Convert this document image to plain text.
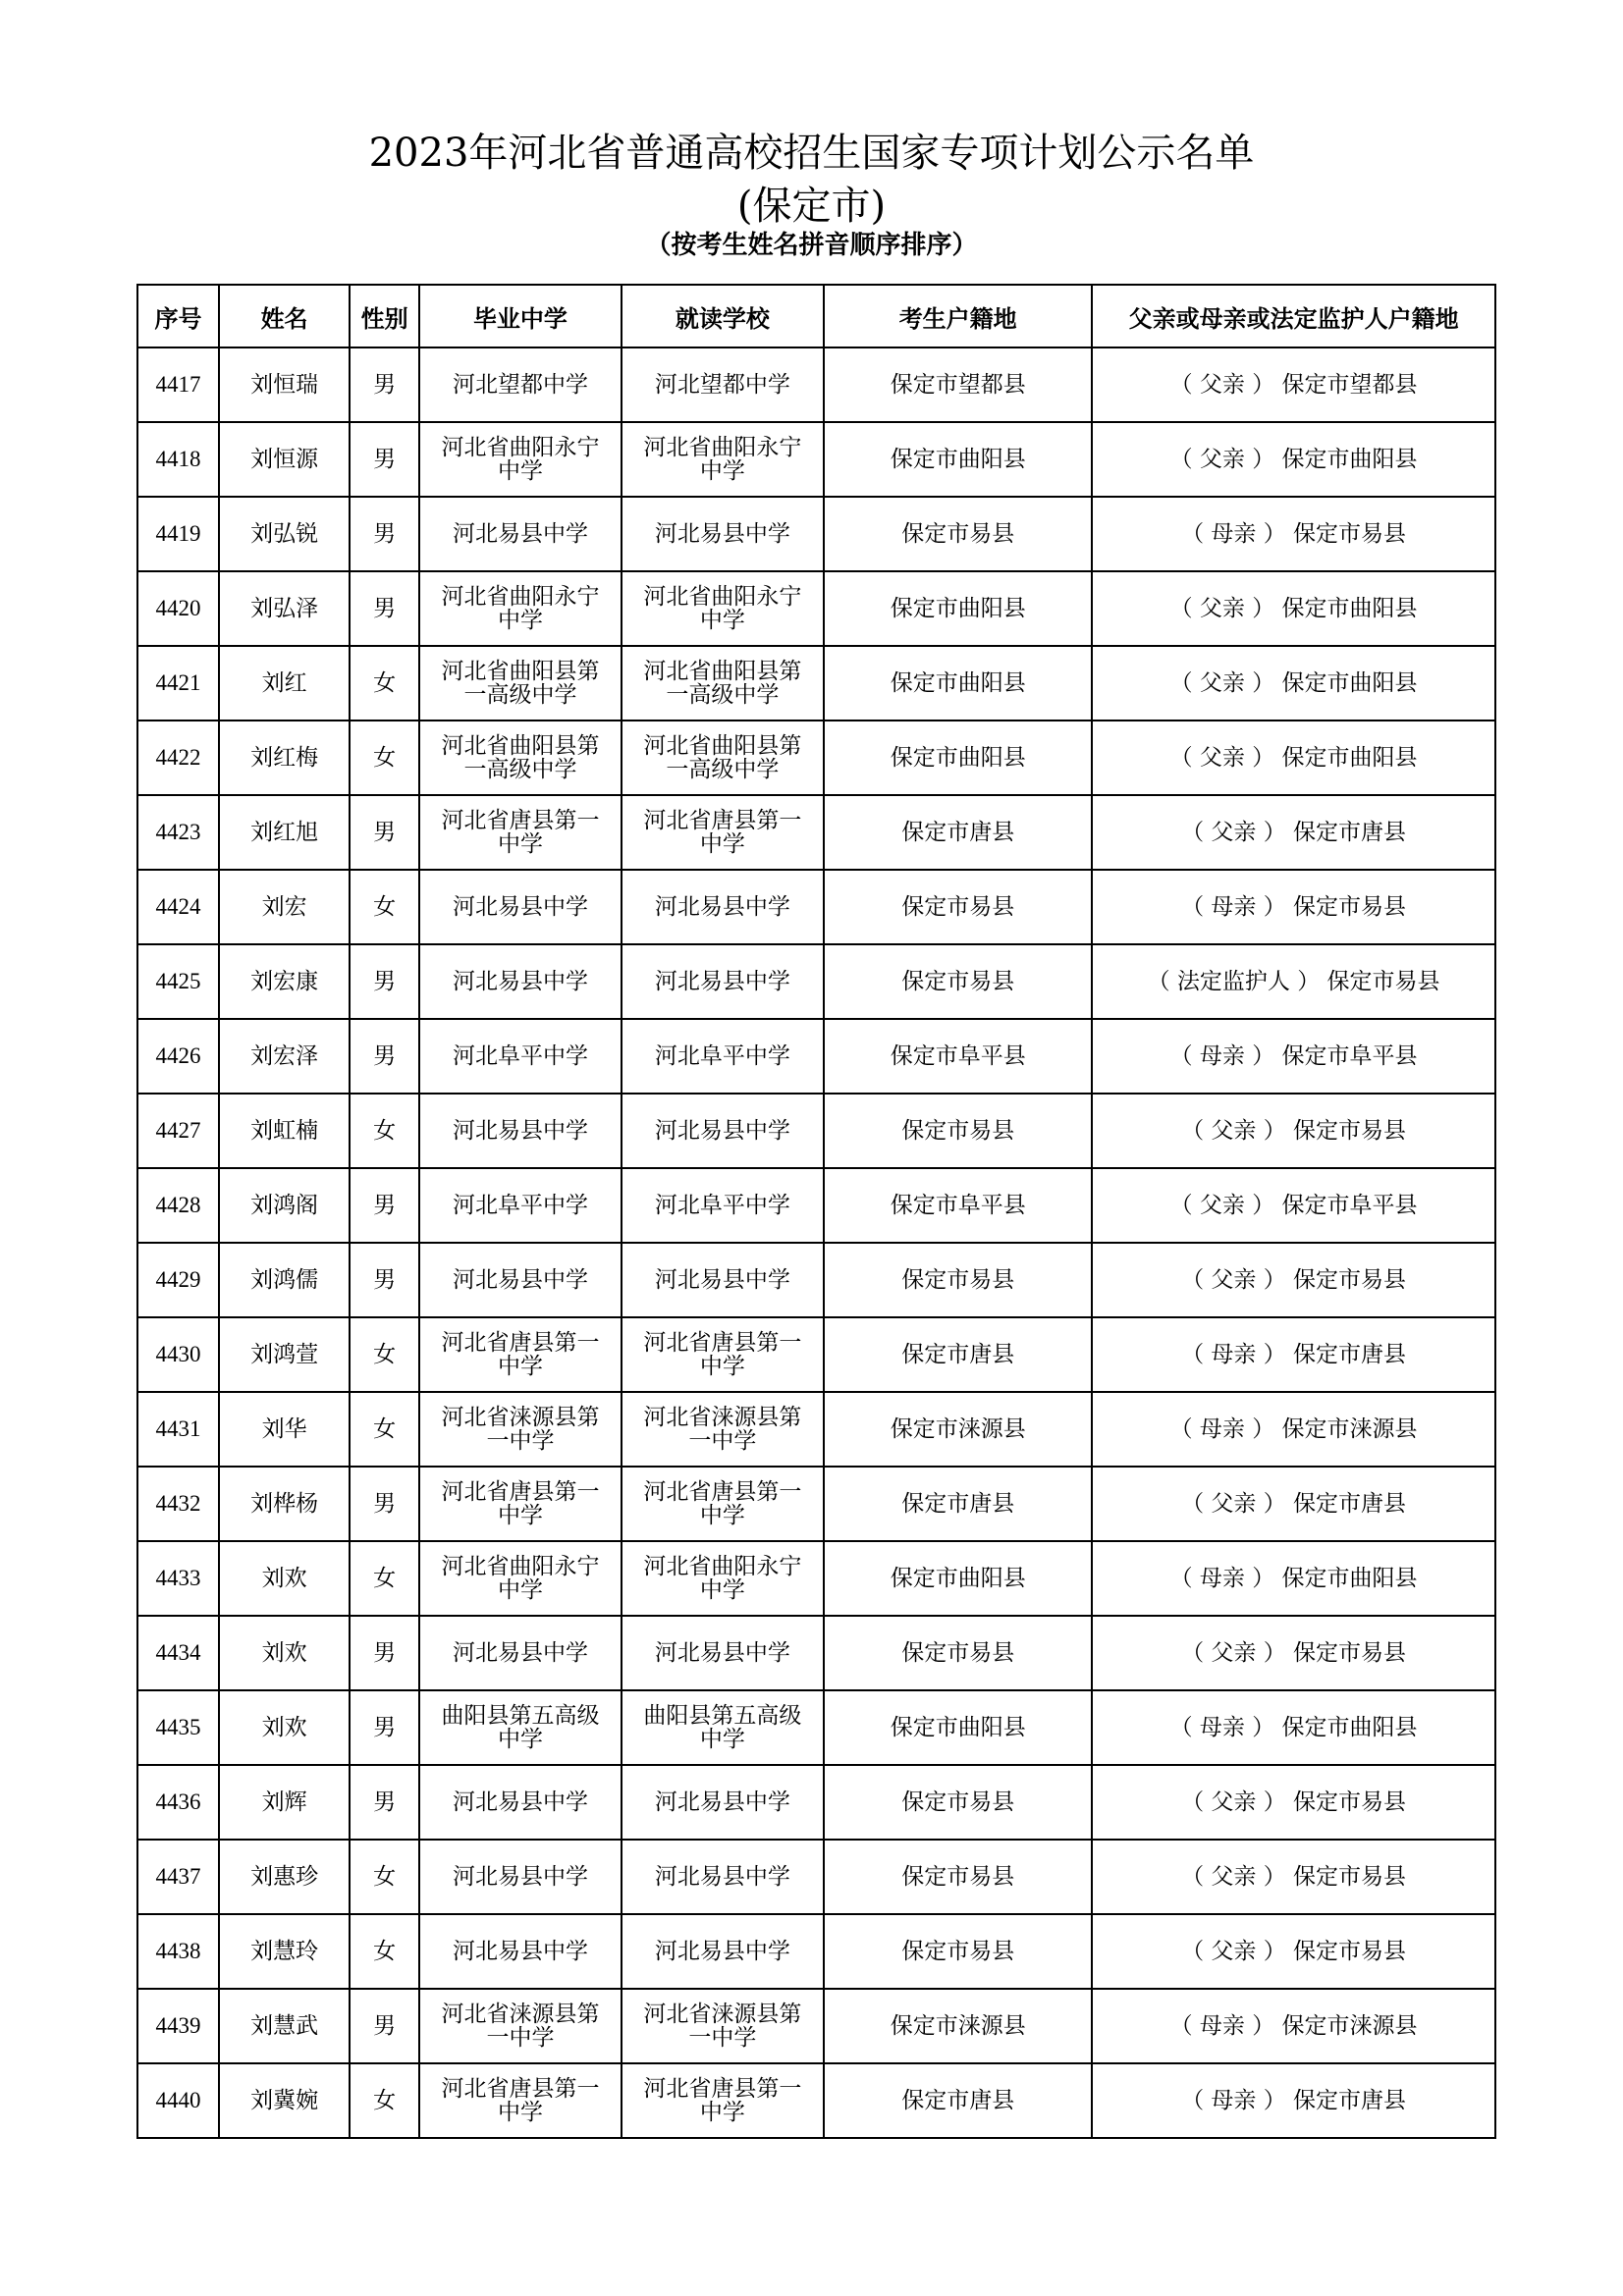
2023年河北省普通高校招生国家专项计划公示名单
(保定市)
（按考生姓名拼音顺序排序）
序号	姓名	性别	毕业中学	就读学校	考生户籍地	父亲或母亲或法定监护人户籍地
4417	刘恒瑞	男	河北望都中学	河北望都中学	保定市望都县	（ 父亲 ） 保定市望都县
4418	刘恒源	男	河北省曲阳永宁中学	河北省曲阳永宁中学	保定市曲阳县	（ 父亲 ） 保定市曲阳县
4419	刘弘锐	男	河北易县中学	河北易县中学	保定市易县	（ 母亲 ） 保定市易县
4420	刘弘泽	男	河北省曲阳永宁中学	河北省曲阳永宁中学	保定市曲阳县	（ 父亲 ） 保定市曲阳县
4421	刘红	女	河北省曲阳县第一高级中学	河北省曲阳县第一高级中学	保定市曲阳县	（ 父亲 ） 保定市曲阳县
4422	刘红梅	女	河北省曲阳县第一高级中学	河北省曲阳县第一高级中学	保定市曲阳县	（ 父亲 ） 保定市曲阳县
4423	刘红旭	男	河北省唐县第一中学	河北省唐县第一中学	保定市唐县	（ 父亲 ） 保定市唐县
4424	刘宏	女	河北易县中学	河北易县中学	保定市易县	（ 母亲 ） 保定市易县
4425	刘宏康	男	河北易县中学	河北易县中学	保定市易县	（ 法定监护人 ） 保定市易县
4426	刘宏泽	男	河北阜平中学	河北阜平中学	保定市阜平县	（ 母亲 ） 保定市阜平县
4427	刘虹楠	女	河北易县中学	河北易县中学	保定市易县	（ 父亲 ） 保定市易县
4428	刘鸿阁	男	河北阜平中学	河北阜平中学	保定市阜平县	（ 父亲 ） 保定市阜平县
4429	刘鸿儒	男	河北易县中学	河北易县中学	保定市易县	（ 父亲 ） 保定市易县
4430	刘鸿萱	女	河北省唐县第一中学	河北省唐县第一中学	保定市唐县	（ 母亲 ） 保定市唐县
4431	刘华	女	河北省涞源县第一中学	河北省涞源县第一中学	保定市涞源县	（ 母亲 ） 保定市涞源县
4432	刘桦杨	男	河北省唐县第一中学	河北省唐县第一中学	保定市唐县	（ 父亲 ） 保定市唐县
4433	刘欢	女	河北省曲阳永宁中学	河北省曲阳永宁中学	保定市曲阳县	（ 母亲 ） 保定市曲阳县
4434	刘欢	男	河北易县中学	河北易县中学	保定市易县	（ 父亲 ） 保定市易县
4435	刘欢	男	曲阳县第五高级中学	曲阳县第五高级中学	保定市曲阳县	（ 母亲 ） 保定市曲阳县
4436	刘辉	男	河北易县中学	河北易县中学	保定市易县	（ 父亲 ） 保定市易县
4437	刘惠珍	女	河北易县中学	河北易县中学	保定市易县	（ 父亲 ） 保定市易县
4438	刘慧玲	女	河北易县中学	河北易县中学	保定市易县	（ 父亲 ） 保定市易县
4439	刘慧武	男	河北省涞源县第一中学	河北省涞源县第一中学	保定市涞源县	（ 母亲 ） 保定市涞源县
4440	刘冀婉	女	河北省唐县第一中学	河北省唐县第一中学	保定市唐县	（ 母亲 ） 保定市唐县
